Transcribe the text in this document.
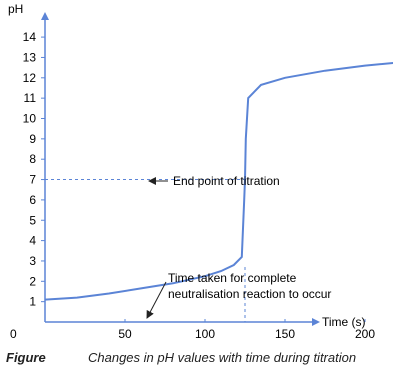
pH
Time (s)
1
2
3
4
5
6
7
8
9
10
11
12
13
14
0	50	100	150	200
End point of titration
Time taken for complete
neutralisation reaction to occur
Figure	Changes in pH values with time during titration
